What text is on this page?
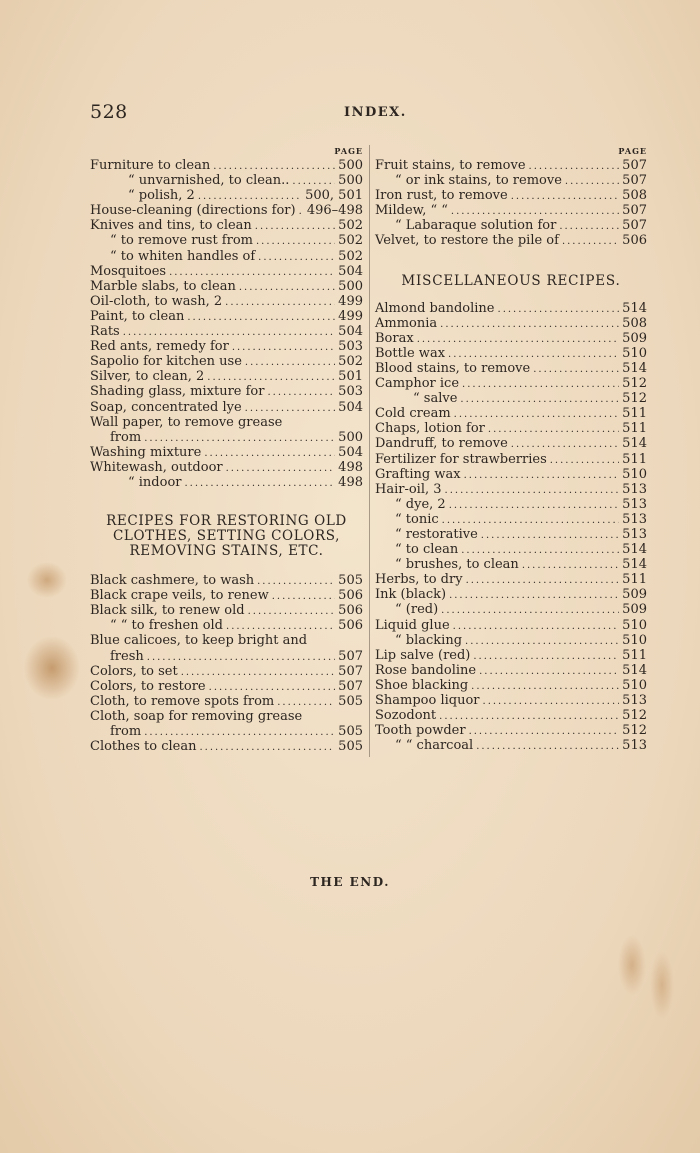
528	INDEX.
PAGE
Furniture to clean .....	500
“ unvarnished, to clean.. .....	500
“ polish, 2 .....	500, 501
House-cleaning (directions for) ..... 496–498
Knives and tins, to clean .....	502
“ to remove rust from .....	502
“ to whiten handles of .....	502
Mosquitoes .....	504
Marble slabs, to clean .....	500
Oil-cloth, to wash, 2 .....	499
Paint, to clean .....	499
Rats .....	504
Red ants, remedy for .....	503
Sapolio for kitchen use .....	502
Silver, to clean, 2 .....	501
Shading glass, mixture for .....	503
Soap, concentrated lye .....	504
Wall paper, to remove grease
from .....	500
Washing mixture .....	504
Whitewash, outdoor .....	498
“ indoor .....	498
RECIPES FOR RESTORING OLD
CLOTHES, SETTING COLORS,
REMOVING STAINS, ETC.
Black cashmere, to wash .....	505
Black crape veils, to renew .....	506
Black silk, to renew old .....	506
“ “ to freshen old .....	506
Blue calicoes, to keep bright and
fresh .....	507
Colors, to set .....	507
Colors, to restore .....	507
Cloth, to remove spots from .....	505
Cloth, soap for removing grease
from .....	505
Clothes to clean .....	505
PAGE
Fruit stains, to remove .....	507
“ or ink stains, to remove .....	507
Iron rust, to remove .....	508
Mildew, “ “ .....	507
“ Labaraque solution for .....	507
Velvet, to restore the pile of .....	506
MISCELLANEOUS RECIPES.
Almond bandoline .....	514
Ammonia .....	508
Borax .....	509
Bottle wax .....	510
Blood stains, to remove .....	514
Camphor ice .....	512
“ salve .....	512
Cold cream .....	511
Chaps, lotion for .....	511
Dandruff, to remove .....	514
Fertilizer for strawberries .....	511
Grafting wax .....	510
Hair-oil, 3 .....	513
“ dye, 2 .....	513
“ tonic .....	513
“ restorative .....	513
“ to clean .....	514
“ brushes, to clean .....	514
Herbs, to dry .....	511
Ink (black) .....	509
“ (red) .....	509
Liquid glue .....	510
“ blacking .....	510
Lip salve (red) .....	511
Rose bandoline .....	514
Shoe blacking .....	510
Shampoo liquor .....	513
Sozodont .....	512
Tooth powder .....	512
“ “ charcoal .....	513
THE END.
